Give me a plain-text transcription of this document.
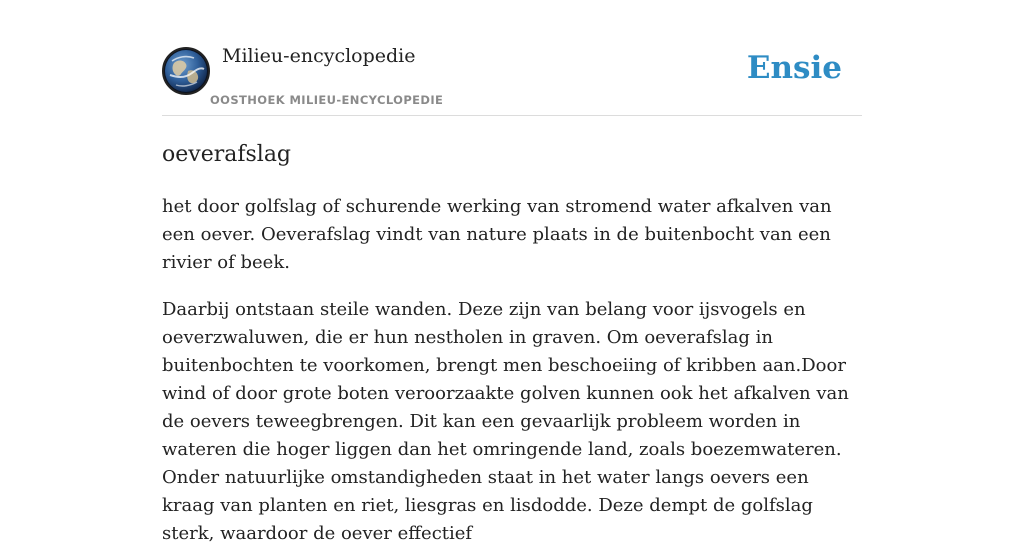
Milieu-encyclopedie
OOSTHOEK MILIEU-ENCYCLOPEDIE
Ensie
oeverafslag

het door golfslag of schurende werking van stromend water afkalven van een oever. Oeverafslag vindt van nature plaats in de buitenbocht van een rivier of beek.

Daarbij ontstaan steile wanden. Deze zijn van belang voor ijsvogels en oeverzwaluwen, die er hun nestholen in graven. Om oeverafslag in buitenbochten te voorkomen, brengt men beschoeiing of kribben aan.Door wind of door grote boten veroorzaakte golven kunnen ook het afkalven van de oevers teweegbrengen. Dit kan een gevaarlijk probleem worden in wateren die hoger liggen dan het omringende land, zoals boezemwateren. Onder natuurlijke omstandigheden staat in het water langs oevers een kraag van planten en riet, liesgras en lisdodde. Deze dempt de golfslag sterk, waardoor de oever effectief
